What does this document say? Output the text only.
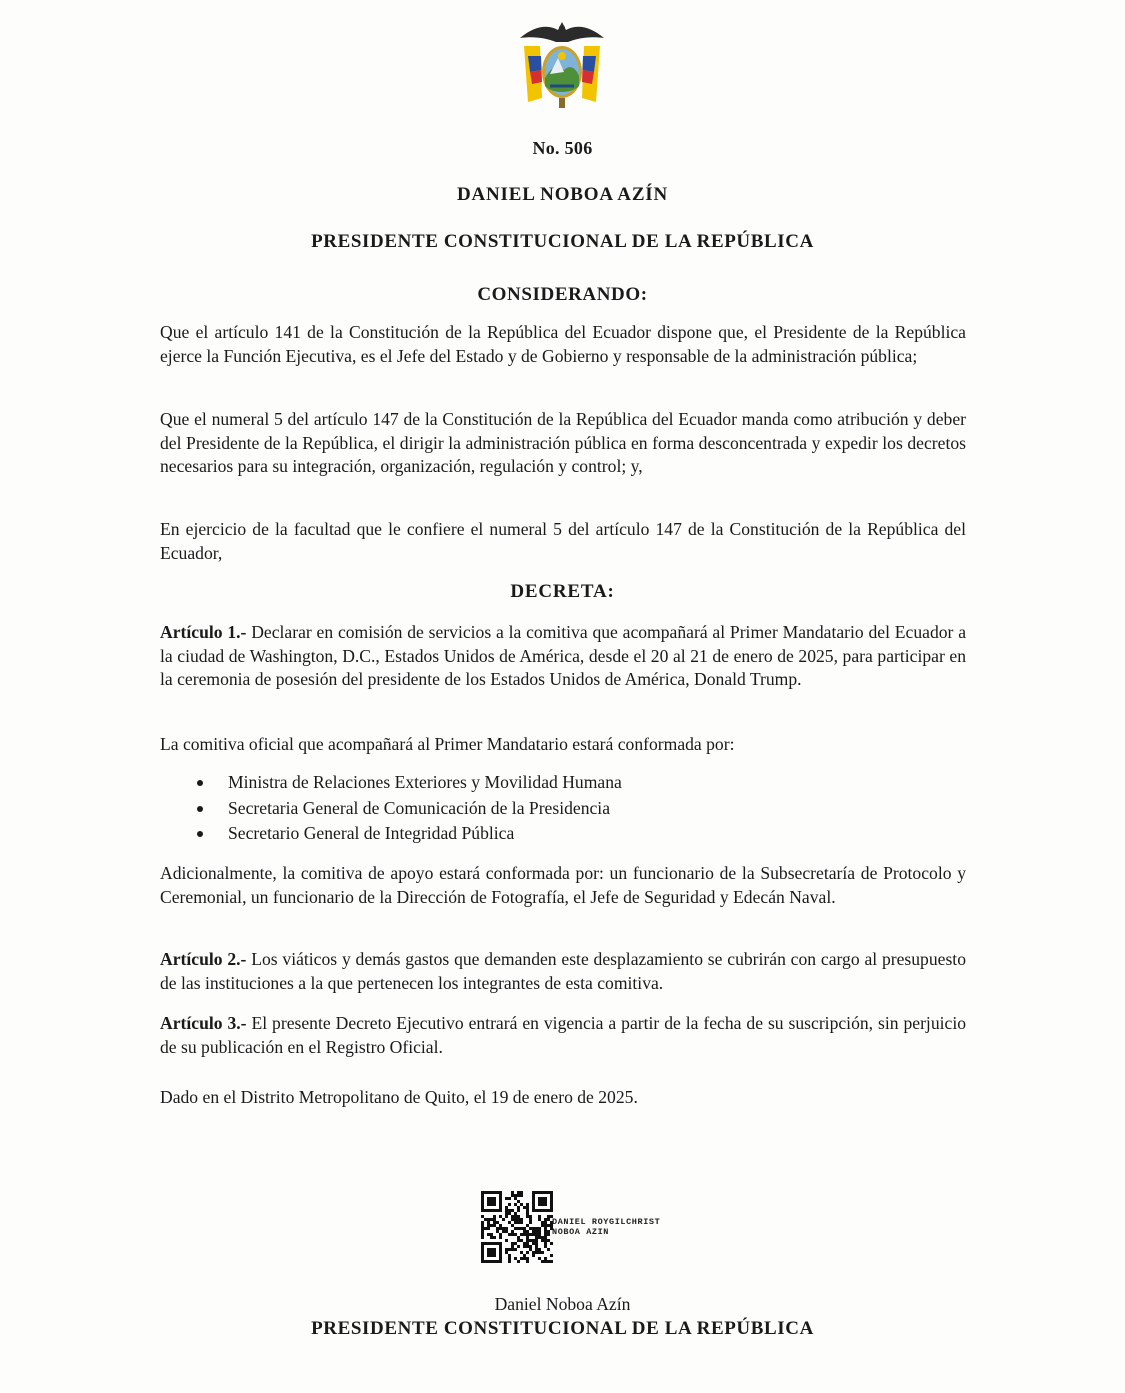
No. 506
DANIEL NOBOA AZÍN
PRESIDENTE CONSTITUCIONAL DE LA REPÚBLICA
CONSIDERANDO:
Que el artículo 141 de la Constitución de la República del Ecuador dispone que, el Presidente de la República ejerce la Función Ejecutiva, es el Jefe del Estado y de Gobierno y responsable de la administración pública;
Que el numeral 5 del artículo 147 de la Constitución de la República del Ecuador manda como atribución y deber del Presidente de la República, el dirigir la administración pública en forma desconcentrada y expedir los decretos necesarios para su integración, organización, regulación y control; y,
En ejercicio de la facultad que le confiere el numeral 5 del artículo 147 de la Constitución de la República del Ecuador,
DECRETA:
Artículo 1.- Declarar en comisión de servicios a la comitiva que acompañará al Primer Mandatario del Ecuador a la ciudad de Washington, D.C., Estados Unidos de América, desde el 20 al 21 de enero de 2025, para participar en la ceremonia de posesión del presidente de los Estados Unidos de América, Donald Trump.
La comitiva oficial que acompañará al Primer Mandatario estará conformada por:
Ministra de Relaciones Exteriores y Movilidad Humana
Secretaria General de Comunicación de la Presidencia
Secretario General de Integridad Pública
Adicionalmente, la comitiva de apoyo estará conformada por: un funcionario de la Subsecretaría de Protocolo y Ceremonial, un funcionario de la Dirección de Fotografía, el Jefe de Seguridad y Edecán Naval.
Artículo 2.- Los viáticos y demás gastos que demanden este desplazamiento se cubrirán con cargo al presupuesto de las instituciones a la que pertenecen los integrantes de esta comitiva.
Artículo 3.- El presente Decreto Ejecutivo entrará en vigencia a partir de la fecha de su suscripción, sin perjuicio de su publicación en el Registro Oficial.
Dado en el Distrito Metropolitano de Quito, el 19 de enero de 2025.
DANIEL ROYGILCHRIST
NOBOA AZIN
Daniel Noboa Azín
PRESIDENTE CONSTITUCIONAL DE LA REPÚBLICA
